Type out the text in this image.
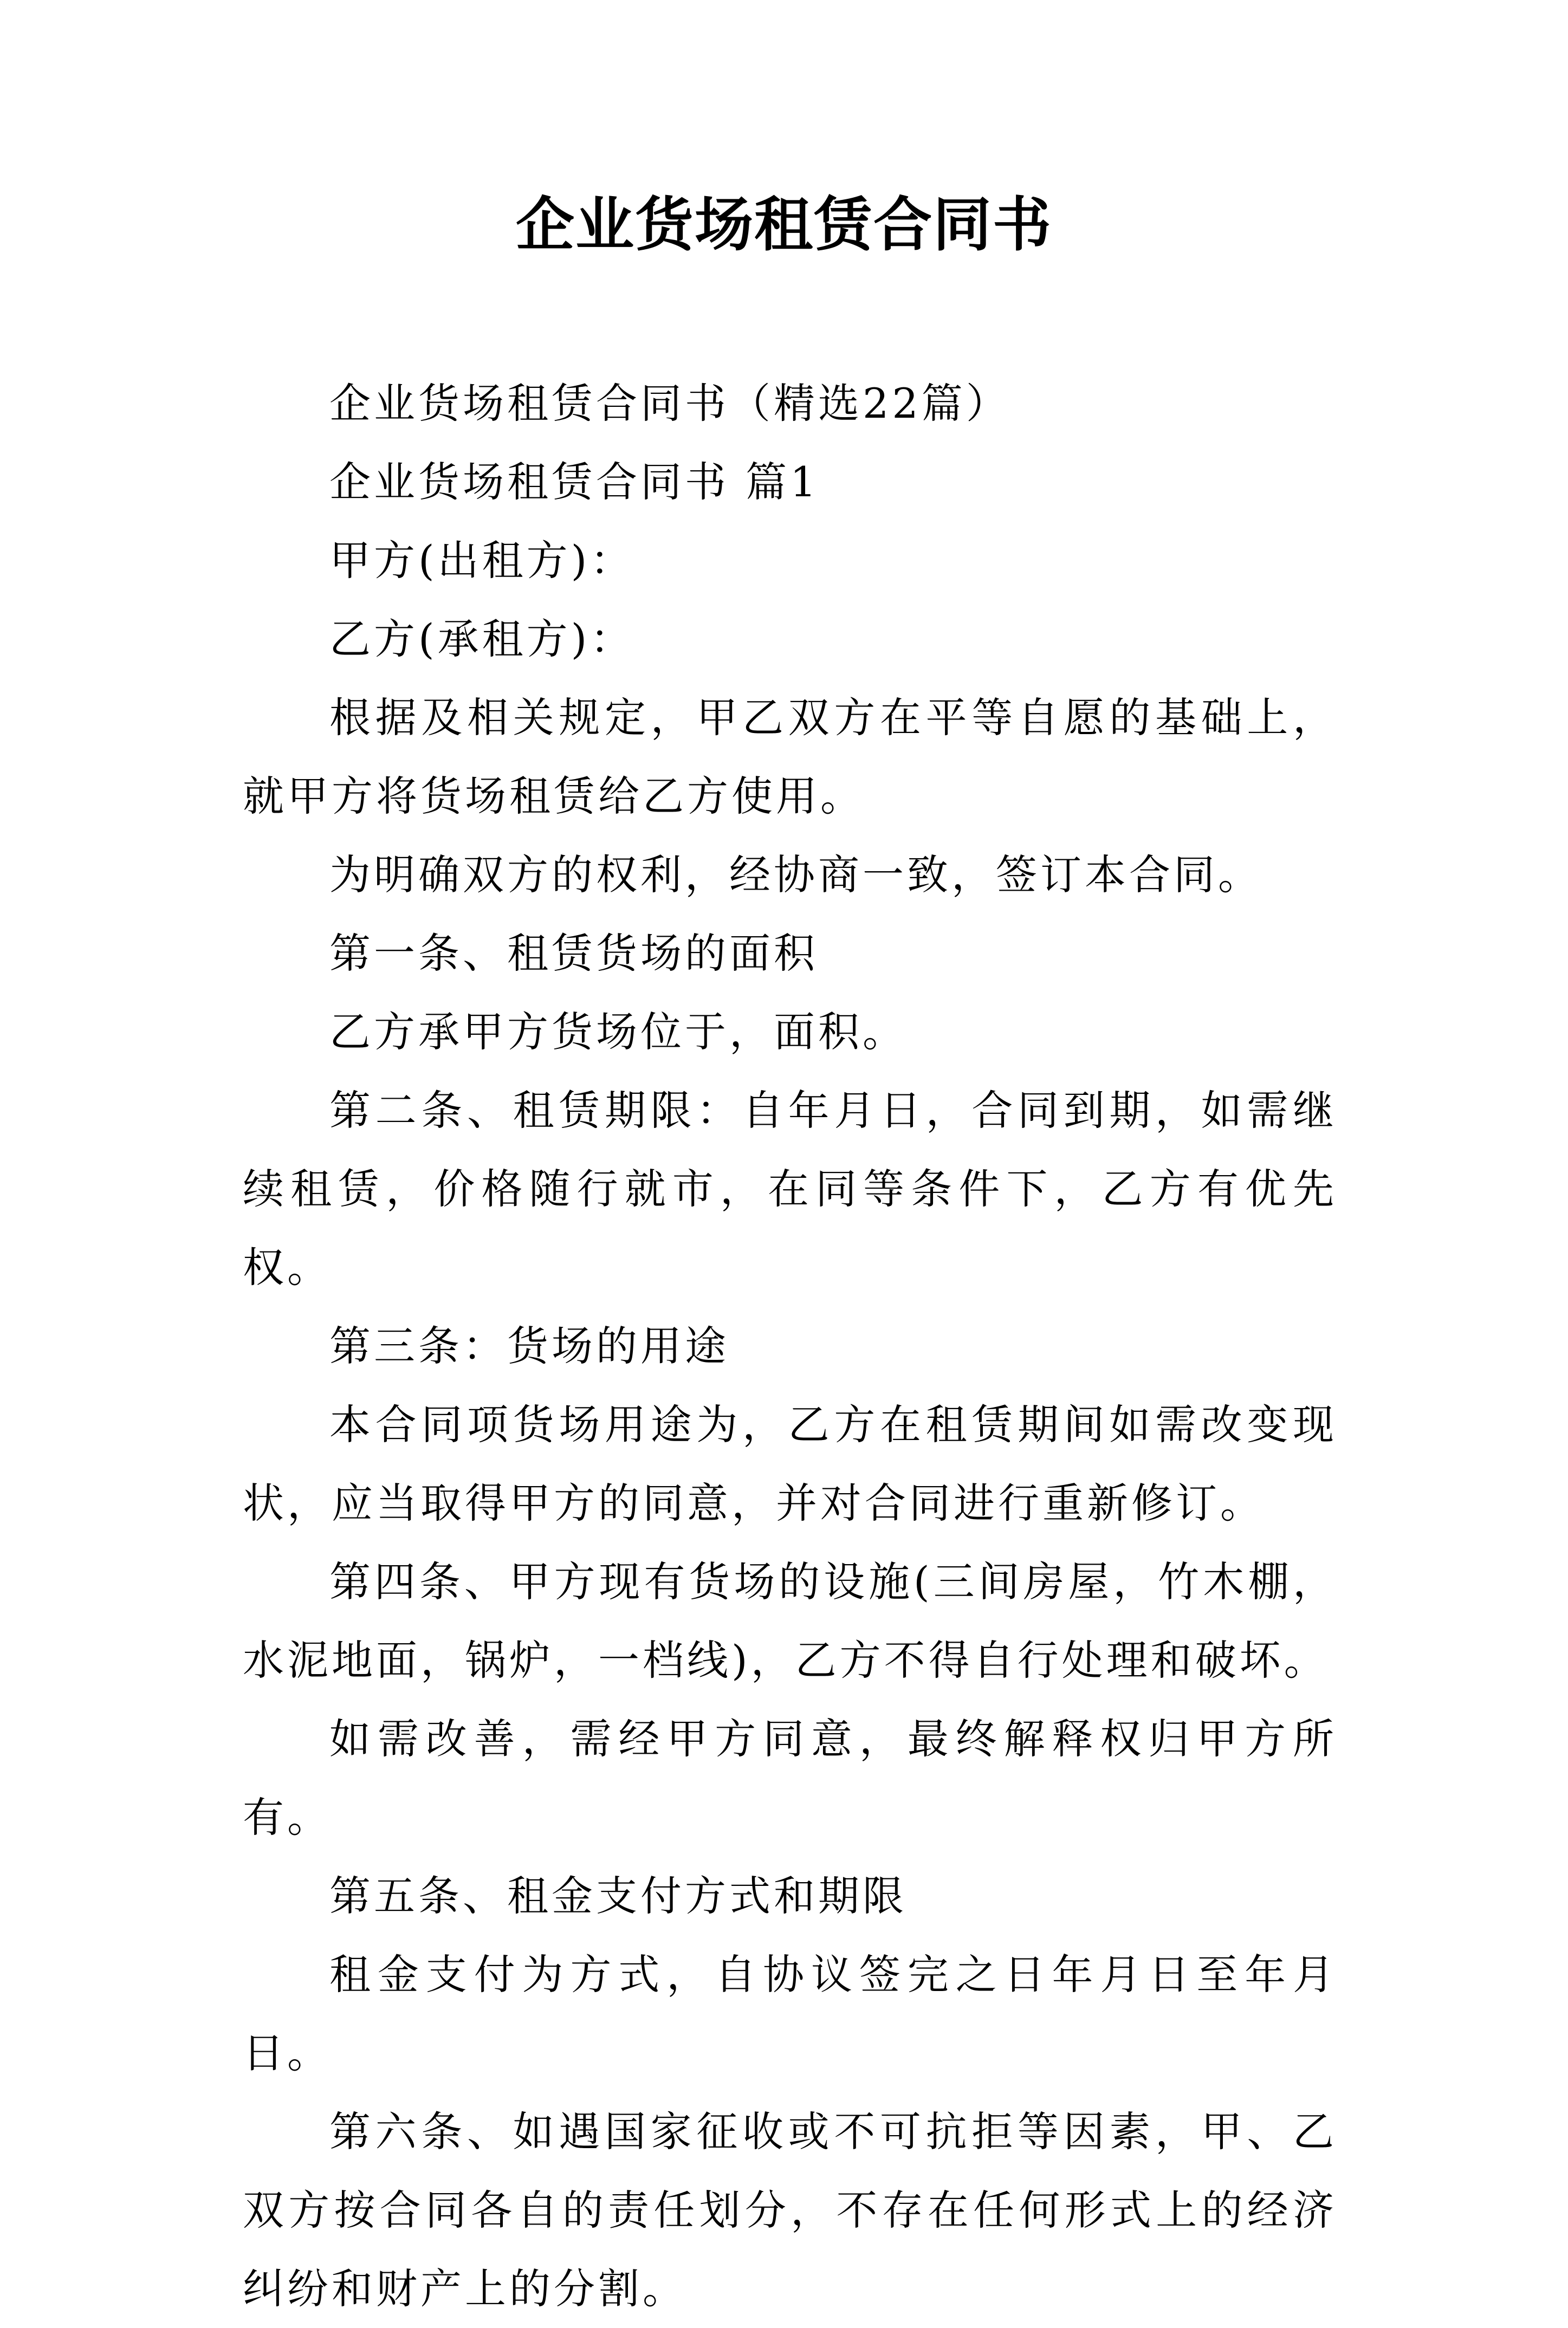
企业货场租赁合同书

企业货场租赁合同书（精选22篇）

企业货场租赁合同书 篇1

甲方(出租方)：

乙方(承租方)：

根据及相关规定，甲乙双方在平等自愿的基础上，就甲方将货场租赁给乙方使用。

为明确双方的权利，经协商一致，签订本合同。

第一条、租赁货场的面积

乙方承甲方货场位于，面积。

第二条、租赁期限：自年月日，合同到期，如需继续租赁，价格随行就市，在同等条件下，乙方有优先权。

第三条：货场的用途

本合同项货场用途为，乙方在租赁期间如需改变现状，应当取得甲方的同意，并对合同进行重新修订。

第四条、甲方现有货场的设施(三间房屋，竹木棚，水泥地面，锅炉，一档线)，乙方不得自行处理和破坏。

如需改善，需经甲方同意，最终解释权归甲方所有。

第五条、租金支付方式和期限

租金支付为方式，自协议签完之日年月日至年月日。

第六条、如遇国家征收或不可抗拒等因素，甲、乙双方按合同各自的责任划分，不存在任何形式上的经济纠纷和财产上的分割。
